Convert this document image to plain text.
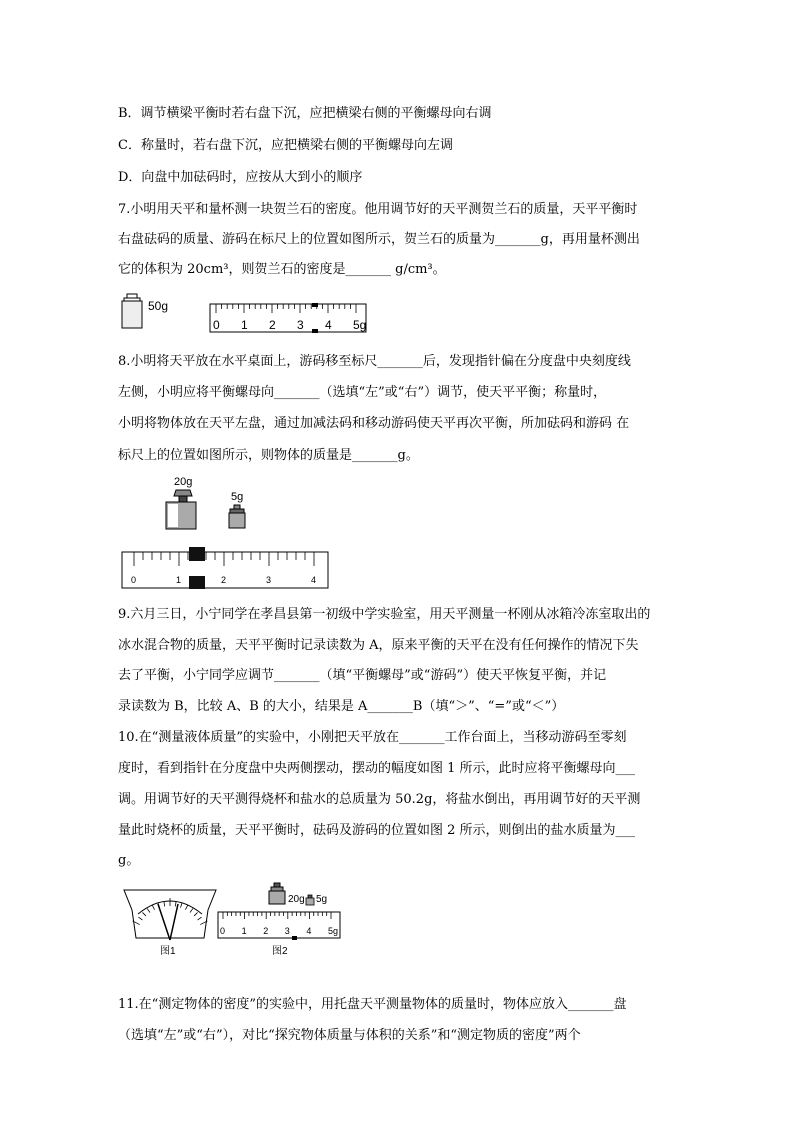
B．调节横梁平衡时若右盘下沉，应把横梁右侧的平衡螺母向右调
C．称量时，若右盘下沉，应把横梁右侧的平衡螺母向左调
D．向盘中加砝码时，应按从大到小的顺序
7.小明用天平和量杯测一块贺兰石的密度。他用调节好的天平测贺兰石的质量，天平平衡时
右盘砝码的质量、游码在标尺上的位置如图所示，贺兰石的质量为_______g，再用量杯测出
它的体积为 20cm³，则贺兰石的密度是_______ g/cm³。
50g
0 1 2 3 4 5g
8.小明将天平放在水平桌面上，游码移至标尺_______后，发现指针偏在分度盘中央刻度线
左侧，小明应将平衡螺母向_______（选填“左”或“右”）调节，使天平平衡；称量时，
小明将物体放在天平左盘，通过加减法码和移动游码使天平再次平衡，所加砝码和游码 在
标尺上的位置如图所示，则物体的质量是_______g。
20g
5g
0	1	2	3	4
9.六月三日，小宁同学在孝昌县第一初级中学实验室，用天平测量一杯刚从冰箱冷冻室取出的
冰水混合物的质量，天平平衡时记录读数为 A，原来平衡的天平在没有任何操作的情况下失
去了平衡，小宁同学应调节_______（填“平衡螺母”或“游码”）使天平恢复平衡，并记
录读数为 B，比较 A、B 的大小，结果是 A_______B（填“＞”、“=”或“＜”）
10.在“测量液体质量”的实验中，小刚把天平放在_______工作台面上，当移动游码至零刻
度时，看到指针在分度盘中央两侧摆动，摆动的幅度如图 1 所示，此时应将平衡螺母向___
调。用调节好的天平测得烧杯和盐水的总质量为 50.2g，将盐水倒出，再用调节好的天平测
量此时烧杯的质量，天平平衡时，砝码及游码的位置如图 2 所示，则倒出的盐水质量为___
g。
图1
20g 5g
0 1 2 3 4 5g
图2
11.在“测定物体的密度”的实验中，用托盘天平测量物体的质量时，物体应放入_______盘
（选填“左”或“右”），对比“探究物体质量与体积的关系”和“测定物质的密度”两个
